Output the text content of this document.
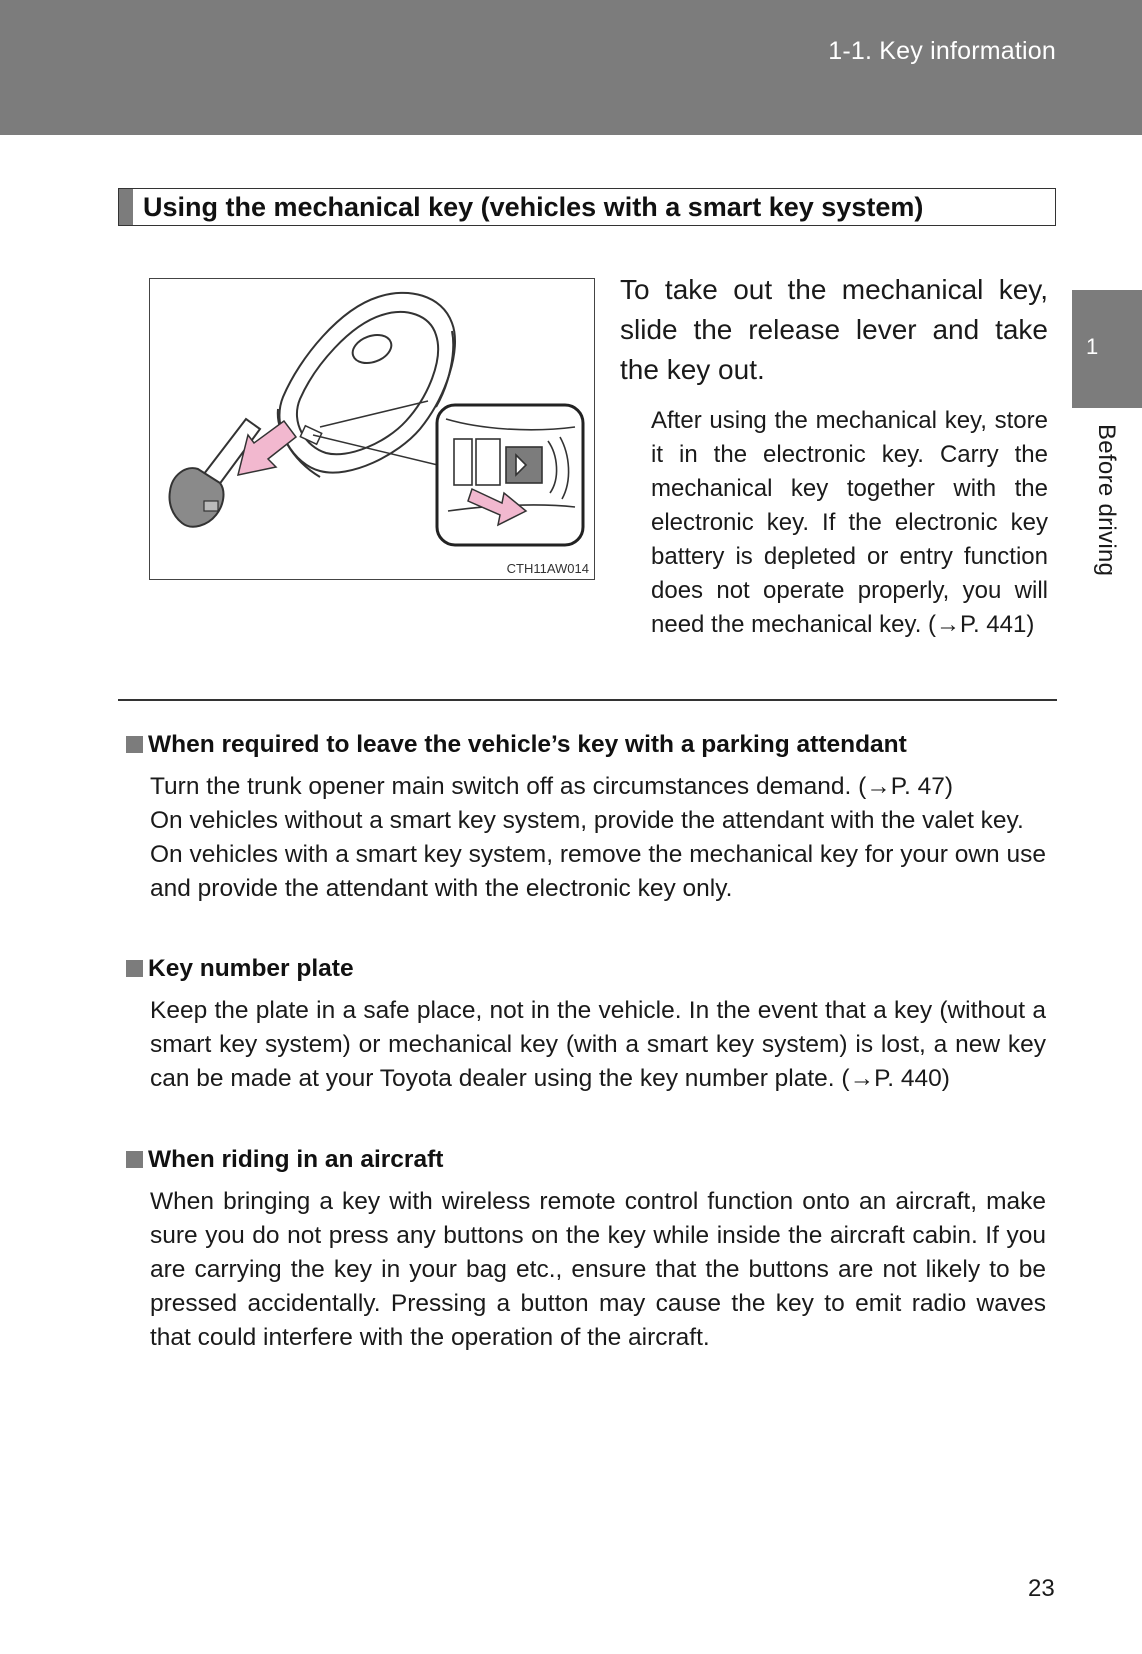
1-1. Key information
1
Before driving
Using the mechanical key (vehicles with a smart key system)
CTH11AW014
To take out the mechanical key, slide the release lever and take the key out.
After using the mechanical key, store it in the electronic key. Carry the mechanical key together with the electronic key. If the electronic key battery is depleted or entry function does not operate properly, you will need the mechanical key. (→P. 441)
When required to leave the vehicle’s key with a parking attendant

Turn the trunk opener main switch off as circumstances demand. (→P. 47)

On vehicles without a smart key system, provide the attendant with the valet key.

On vehicles with a smart key system, remove the mechanical key for your own use and provide the attendant with the electronic key only.

Key number plate

Keep the plate in a safe place, not in the vehicle. In the event that a key (without a smart key system) or mechanical key (with a smart key system) is lost, a new key can be made at your Toyota dealer using the key number plate. (→P. 440)

When riding in an aircraft

When bringing a key with wireless remote control function onto an aircraft, make sure you do not press any buttons on the key while inside the aircraft cabin. If you are carrying the key in your bag etc., ensure that the buttons are not likely to be pressed accidentally. Pressing a button may cause the key to emit radio waves that could interfere with the operation of the aircraft.

23
